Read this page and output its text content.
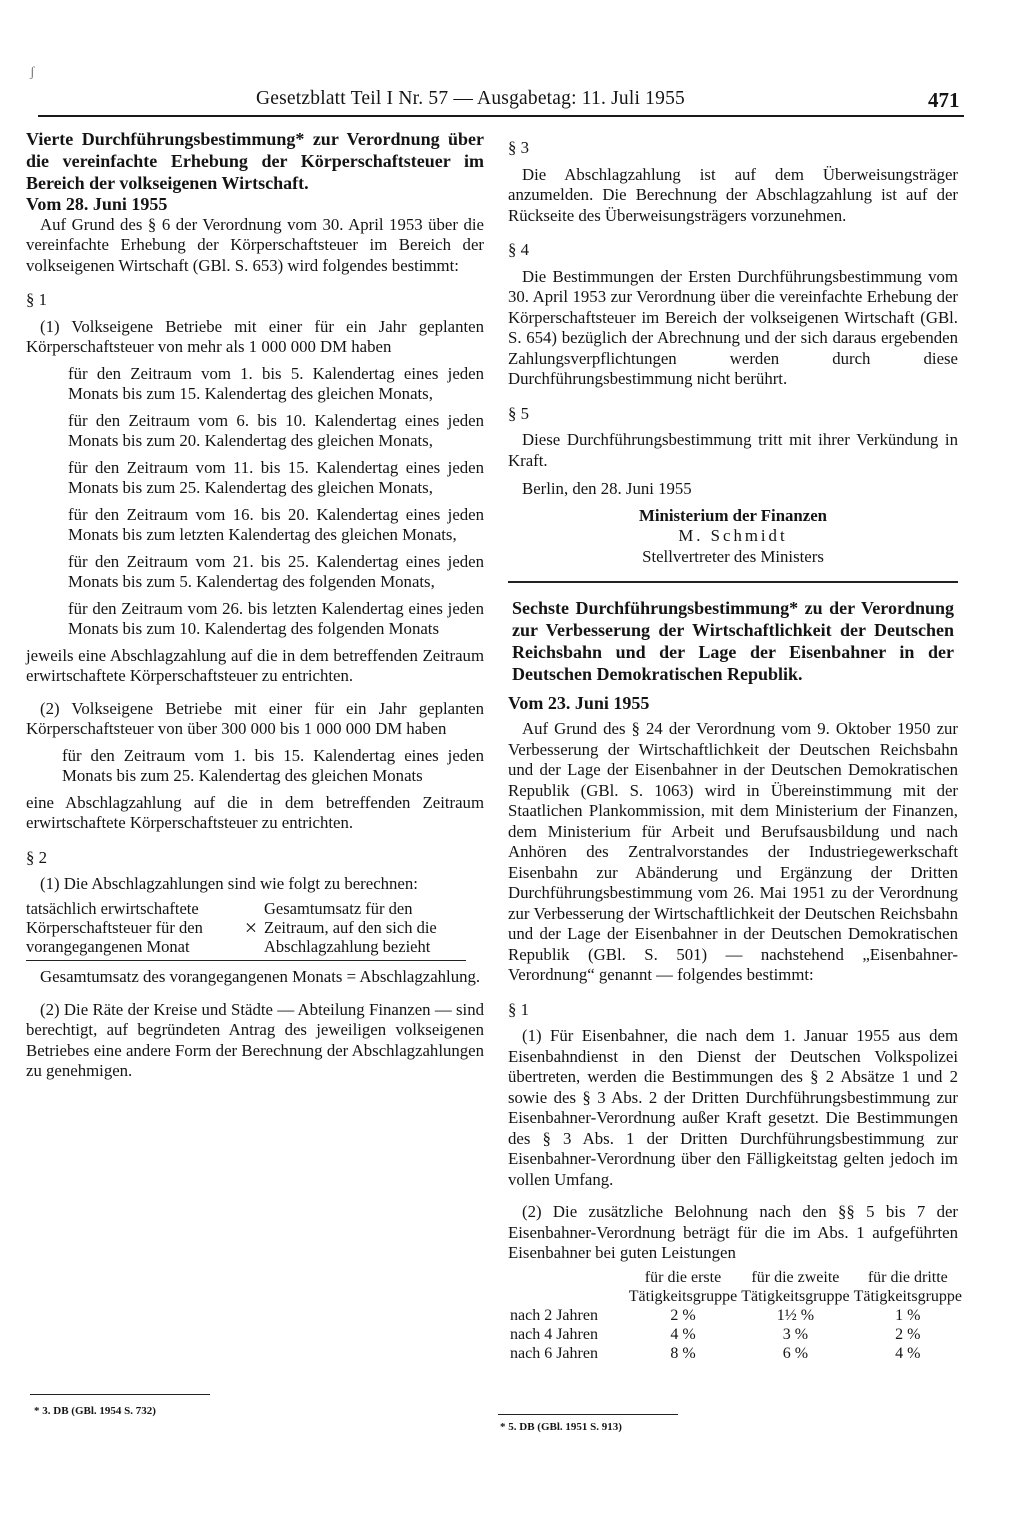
ʃ
Gesetzblatt Teil I Nr. 57 — Ausgabetag: 11. Juli 1955	471

Vierte Durchführungsbestimmung* zur Verordnung über die vereinfachte Erhebung der Körperschaftsteuer im Bereich der volkseigenen Wirtschaft.

Vom 28. Juni 1955

Auf Grund des § 6 der Verordnung vom 30. April 1953 über die vereinfachte Erhebung der Körperschaftsteuer im Bereich der volkseigenen Wirtschaft (GBl. S. 653) wird folgendes bestimmt:

§ 1

(1) Volkseigene Betriebe mit einer für ein Jahr geplanten Körperschaftsteuer von mehr als 1 000 000 DM haben

für den Zeitraum vom 1. bis 5. Kalendertag eines jeden Monats bis zum 15. Kalendertag des gleichen Monats,

für den Zeitraum vom 6. bis 10. Kalendertag eines jeden Monats bis zum 20. Kalendertag des gleichen Monats,

für den Zeitraum vom 11. bis 15. Kalendertag eines jeden Monats bis zum 25. Kalendertag des gleichen Monats,

für den Zeitraum vom 16. bis 20. Kalendertag eines jeden Monats bis zum letzten Kalendertag des gleichen Monats,

für den Zeitraum vom 21. bis 25. Kalendertag eines jeden Monats bis zum 5. Kalendertag des folgenden Monats,

für den Zeitraum vom 26. bis letzten Kalendertag eines jeden Monats bis zum 10. Kalendertag des folgenden Monats

jeweils eine Abschlagzahlung auf die in dem betreffenden Zeitraum erwirtschaftete Körperschaftsteuer zu entrichten.

(2) Volkseigene Betriebe mit einer für ein Jahr geplanten Körperschaftsteuer von über 300 000 bis 1 000 000 DM haben

für den Zeitraum vom 1. bis 15. Kalendertag eines jeden Monats bis zum 25. Kalendertag des gleichen Monats

eine Abschlagzahlung auf die in dem betreffenden Zeitraum erwirtschaftete Körperschaftsteuer zu entrichten.

§ 2

(1) Die Abschlagzahlungen sind wie folgt zu berechnen:

tatsächlich erwirtschaftete Körperschaftsteuer für den vorangegangenen Monat
×
Gesamtumsatz für den Zeitraum, auf den sich die Abschlagzahlung bezieht

Gesamtumsatz des vorangegangenen Monats = Abschlagzahlung.

(2) Die Räte der Kreise und Städte — Abteilung Finanzen — sind berechtigt, auf begründeten Antrag des jeweiligen volkseigenen Betriebes eine andere Form der Berechnung der Abschlagzahlungen zu genehmigen.

* 3. DB (GBl. 1954 S. 732)

§ 3

Die Abschlagzahlung ist auf dem Überweisungsträger anzumelden. Die Berechnung der Abschlagzahlung ist auf der Rückseite des Überweisungsträgers vorzunehmen.

§ 4

Die Bestimmungen der Ersten Durchführungsbestimmung vom 30. April 1953 zur Verordnung über die vereinfachte Erhebung der Körperschaftsteuer im Bereich der volkseigenen Wirtschaft (GBl. S. 654) bezüglich der Abrechnung und der sich daraus ergebenden Zahlungsverpflichtungen werden durch diese Durchführungsbestimmung nicht berührt.

§ 5

Diese Durchführungsbestimmung tritt mit ihrer Verkündung in Kraft.

Berlin, den 28. Juni 1955

Ministerium der Finanzen
M. Schmidt
Stellvertreter des Ministers

Sechste Durchführungsbestimmung* zu der Verordnung zur Verbesserung der Wirtschaftlichkeit der Deutschen Reichsbahn und der Lage der Eisenbahner in der Deutschen Demokratischen Republik.

Vom 23. Juni 1955

Auf Grund des § 24 der Verordnung vom 9. Oktober 1950 zur Verbesserung der Wirtschaftlichkeit der Deutschen Reichsbahn und der Lage der Eisenbahner in der Deutschen Demokratischen Republik (GBl. S. 1063) wird in Übereinstimmung mit der Staatlichen Plankommission, mit dem Ministerium der Finanzen, dem Ministerium für Arbeit und Berufsausbildung und nach Anhören des Zentralvorstandes der Industriegewerkschaft Eisenbahn zur Abänderung und Ergänzung der Dritten Durchführungsbestimmung vom 26. Mai 1951 zu der Verordnung zur Verbesserung der Wirtschaftlichkeit der Deutschen Reichsbahn und der Lage der Eisenbahner in der Deutschen Demokratischen Republik (GBl. S. 501) — nachstehend „Eisenbahner-Verordnung“ genannt — folgendes bestimmt:

§ 1

(1) Für Eisenbahner, die nach dem 1. Januar 1955 aus dem Eisenbahndienst in den Dienst der Deutschen Volkspolizei übertreten, werden die Bestimmungen des § 2 Absätze 1 und 2 sowie des § 3 Abs. 2 der Dritten Durchführungsbestimmung zur Eisenbahner-Verordnung außer Kraft gesetzt. Die Bestimmungen des § 3 Abs. 1 der Dritten Durchführungsbestimmung zur Eisenbahner-Verordnung über den Fälligkeitstag gelten jedoch im vollen Umfang.

(2) Die zusätzliche Belohnung nach den §§ 5 bis 7 der Eisenbahner-Verordnung beträgt für die im Abs. 1 aufgeführten Eisenbahner bei guten Leistungen

	für die erste Tätigkeitsgruppe	für die zweite Tätigkeitsgruppe	für die dritte Tätigkeitsgruppe
nach 2 Jahren	2 %	1½ %	1 %
nach 4 Jahren	4 %	3 %	2 %
nach 6 Jahren	8 %	6 %	4 %
* 5. DB (GBl. 1951 S. 913)
